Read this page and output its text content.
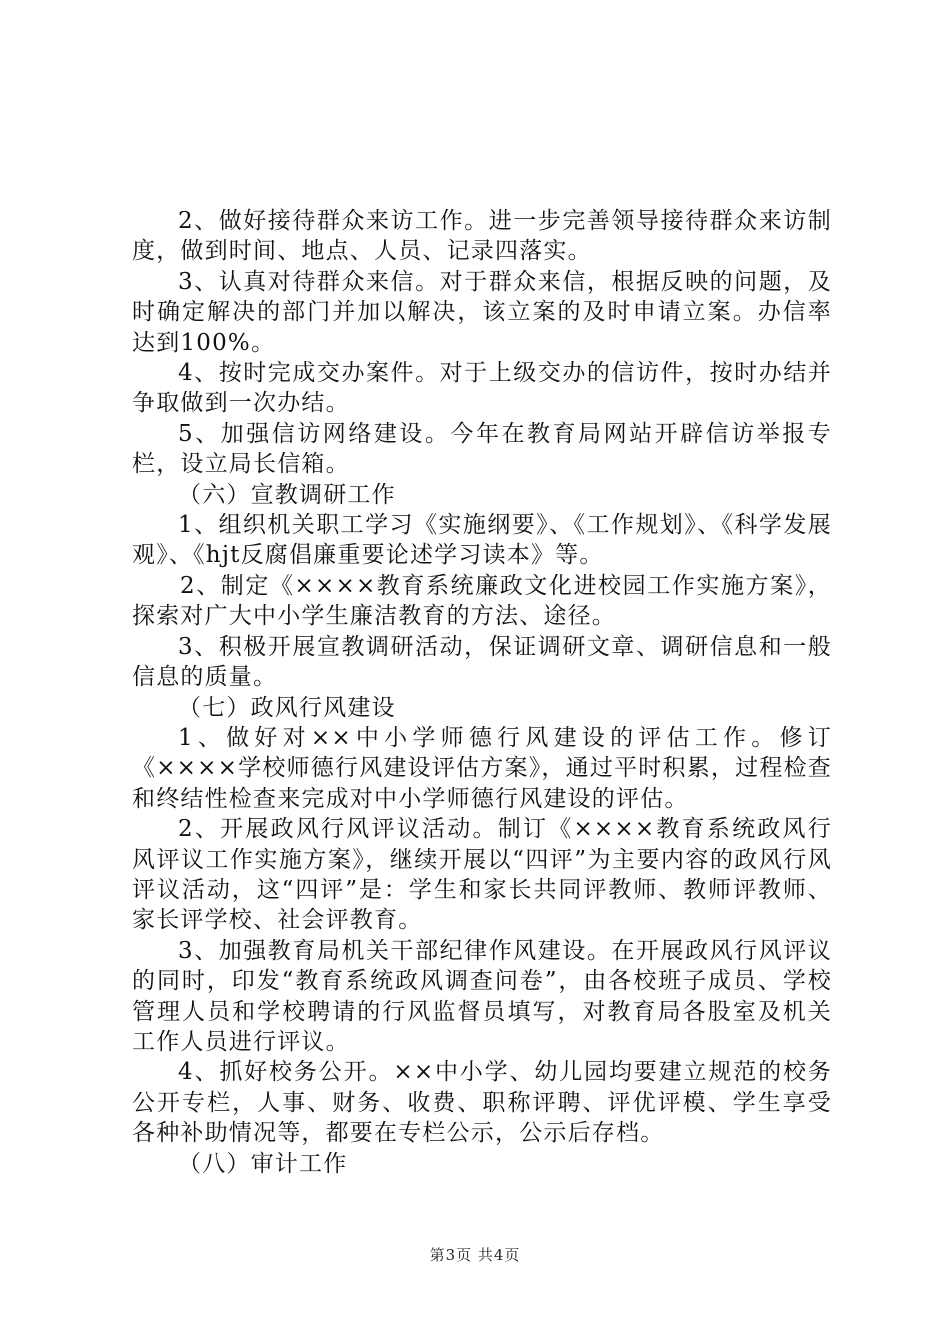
2、做好接待群众来访工作。进一步完善领导接待群众来访制度，做到时间、地点、人员、记录四落实。

3、认真对待群众来信。对于群众来信，根据反映的问题，及时确定解决的部门并加以解决，该立案的及时申请立案。办信率达到100%。

4、按时完成交办案件。对于上级交办的信访件，按时办结并争取做到一次办结。

5、加强信访网络建设。今年在教育局网站开辟信访举报专栏，设立局长信箱。

（六）宣教调研工作

1、组织机关职工学习《实施纲要》、《工作规划》、《科学发展观》、《hjt反腐倡廉重要论述学习读本》等。

2、制定《××××教育系统廉政文化进校园工作实施方案》，探索对广大中小学生廉洁教育的方法、途径。

3、积极开展宣教调研活动，保证调研文章、调研信息和一般信息的质量。

（七）政风行风建设

1、做好对××中小学师德行风建设的评估工作。修订《××××学校师德行风建设评估方案》，通过平时积累，过程检查和终结性检查来完成对中小学师德行风建设的评估。

2、开展政风行风评议活动。制订《××××教育系统政风行风评议工作实施方案》，继续开展以“四评”为主要内容的政风行风评议活动，这“四评”是：学生和家长共同评教师、教师评教师、家长评学校、社会评教育。

3、加强教育局机关干部纪律作风建设。在开展政风行风评议的同时，印发“教育系统政风调查问卷”，由各校班子成员、学校管理人员和学校聘请的行风监督员填写，对教育局各股室及机关工作人员进行评议。

4、抓好校务公开。××中小学、幼儿园均要建立规范的校务公开专栏，人事、财务、收费、职称评聘、评优评模、学生享受各种补助情况等，都要在专栏公示，公示后存档。

（八）审计工作

第3页 共4页
